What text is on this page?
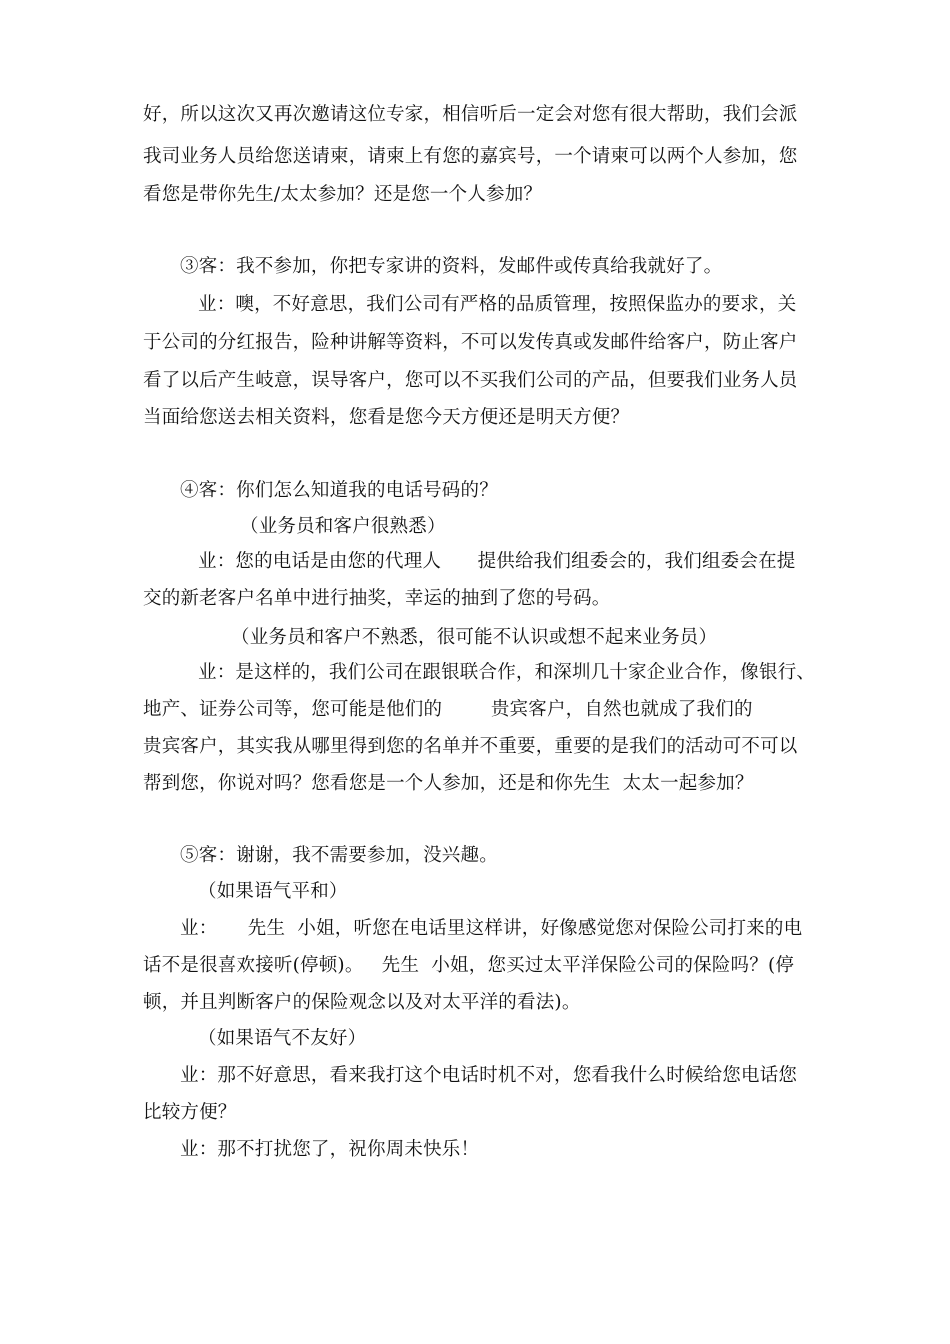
好，所以这次又再次邀请这位专家，相信听后一定会对您有很大帮助，我们会派
我司业务人员给您送请柬，请柬上有您的嘉宾号，一个请柬可以两个人参加，您
看您是带你先生/太太参加？还是您一个人参加？
③客：我不参加，你把专家讲的资料，发邮件或传真给我就好了。
业：噢，不好意思，我们公司有严格的品质管理，按照保监办的要求，关
于公司的分红报告，险种讲解等资料，不可以发传真或发邮件给客户，防止客户
看了以后产生岐意，误导客户，您可以不买我们公司的产品，但要我们业务人员
当面给您送去相关资料，您看是您今天方便还是明天方便？
④客：你们怎么知道我的电话号码的？
（业务员和客户很熟悉）
业：您的电话是由您的代理人      提供给我们组委会的，我们组委会在提
交的新老客户名单中进行抽奖，幸运的抽到了您的号码。
（业务员和客户不熟悉，很可能不认识或想不起来业务员）
业：是这样的，我们公司在跟银联合作，和深圳几十家企业合作，像银行、
地产、证券公司等，您可能是他们的        贵宾客户，自然也就成了我们的
贵宾客户，其实我从哪里得到您的名单并不重要，重要的是我们的活动可不可以
帮到您，你说对吗？您看您是一个人参加，还是和你先生  太太一起参加？
⑤客：谢谢，我不需要参加，没兴趣。
（如果语气平和）
业：     先生  小姐，听您在电话里这样讲，好像感觉您对保险公司打来的电
话不是很喜欢接听(停顿)。   先生  小姐，您买过太平洋保险公司的保险吗？(停
顿，并且判断客户的保险观念以及对太平洋的看法)。
（如果语气不友好）
业：那不好意思，看来我打这个电话时机不对，您看我什么时候给您电话您
比较方便？
业：那不打扰您了，祝你周未快乐！
